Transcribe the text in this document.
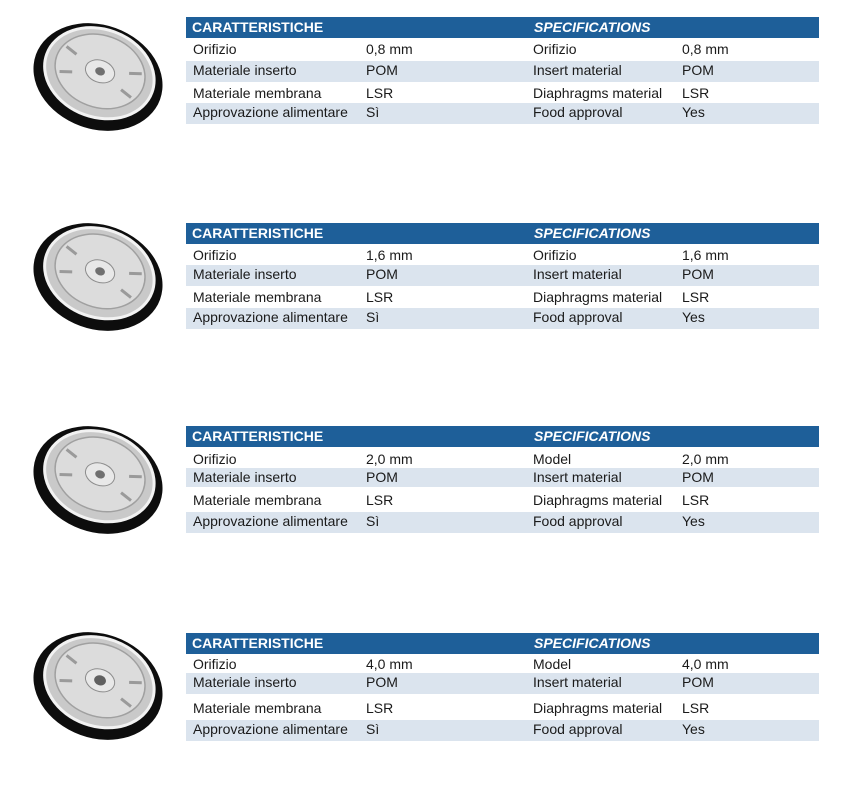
CARATTERISTICHE	SPECIFICATIONS
Orifizio	0,8 mm	Orifizio	0,8 mm
Materiale inserto	POM	Insert material	POM
Materiale membrana	LSR	Diaphragms material LSR
Approvazione alimentare Sì	Food approval	Yes
CARATTERISTICHE	SPECIFICATIONS
Orifizio	1,6 mm	Orifizio	1,6 mm
Materiale inserto	POM	Insert material	POM
Materiale membrana	LSR	Diaphragms material LSR
Approvazione alimentare Sì	Food approval	Yes
CARATTERISTICHE	SPECIFICATIONS
Orifizio	2,0 mm	Model	2,0 mm
Materiale inserto	POM	Insert material	POM
Materiale membrana	LSR	Diaphragms material LSR
Approvazione alimentare Sì	Food approval	Yes
CARATTERISTICHE	SPECIFICATIONS
Orifizio	4,0 mm	Model	4,0 mm
Materiale inserto	POM	Insert material	POM
Materiale membrana	LSR	Diaphragms material LSR
Approvazione alimentare Sì	Food approval	Yes
